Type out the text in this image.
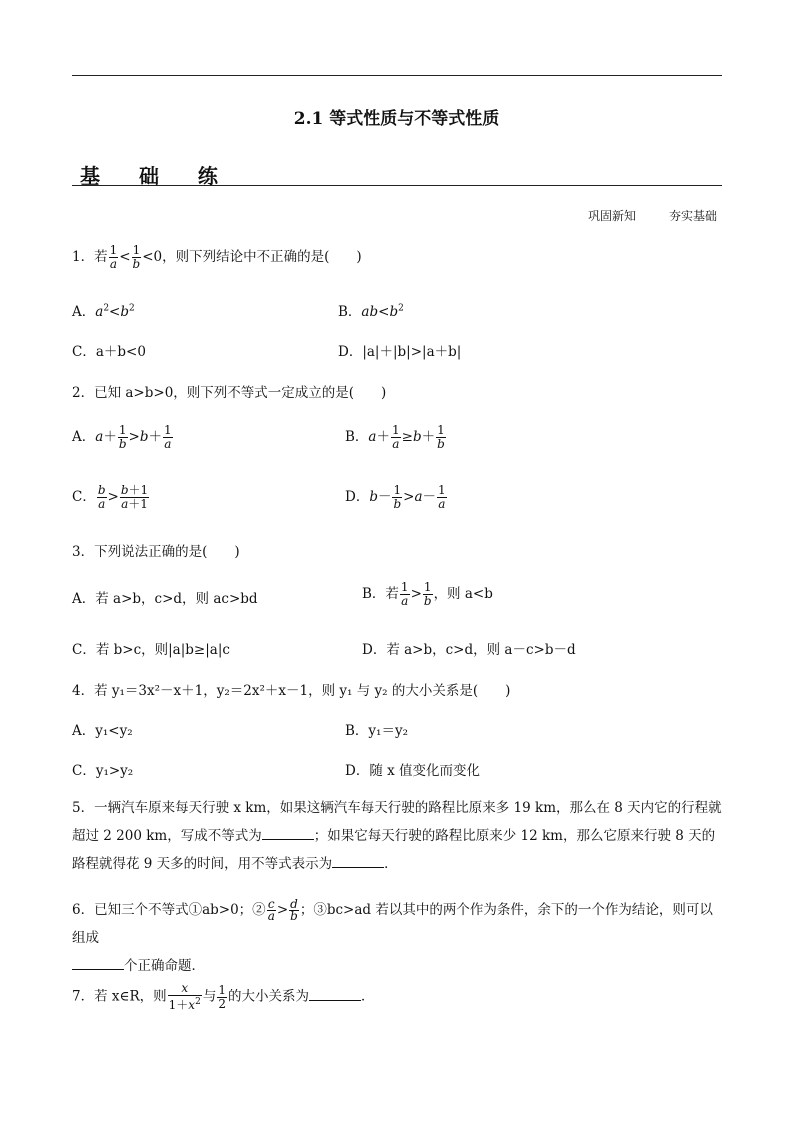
2.1 等式性质与不等式性质
基 础 练
巩固新知	夯实基础
1．若 $\frac{1}{a} < \frac{1}{b} <0$，则下列结论中不正确的是(　　)
A．$a^2<b^2$	B．$ab<b^2$
C．a＋b<0	D．|a|＋|b|>|a＋b|
2．已知 a>b>0，则下列不等式一定成立的是(　　)
A．$a+ \frac{1}{b} >b+ \frac{1}{a}$	B．$a+ \frac{1}{a} \ge b+ \frac{1}{b}$
C． $\frac{b}{a} > \frac{b+1}{a+1}$	D．$b- \frac{1}{b} >a- \frac{1}{a}$
3．下列说法正确的是(　　)
A．若 a>b，c>d，则 ac>bd	B．若 $\frac{1}{a} > \frac{1}{b}$ ，则 a<b
C．若 b>c，则|a|b≥|a|c	D．若 a>b，c>d，则 a－c>b－d
4．若 y₁＝3x²－x＋1，y₂＝2x²＋x－1，则 y₁ 与 y₂ 的大小关系是(　　)
A．y₁<y₂	B．y₁＝y₂
C．y₁>y₂	D．随 x 值变化而变化
5．一辆汽车原来每天行驶 x km，如果这辆汽车每天行驶的路程比原来多 19 km，那么在 8 天内它的行程就超过 2 200 km，写成不等式为	；如果它每天行驶的路程比原来少 12 km，那么它原来行驶 8 天的路程就得花 9 天多的时间，用不等式表示为	．
6．已知三个不等式①ab>0；② $\frac{c}{a} > \frac{d}{b}$ ；③bc>ad 若以其中的两个作为条件，余下的一个作为结论，则可以组成
个正确命题．
7．若 x∈R，则 $\frac{x}{1+x^2}$ 与 $\frac{1}{2}$ 的大小关系为	．
